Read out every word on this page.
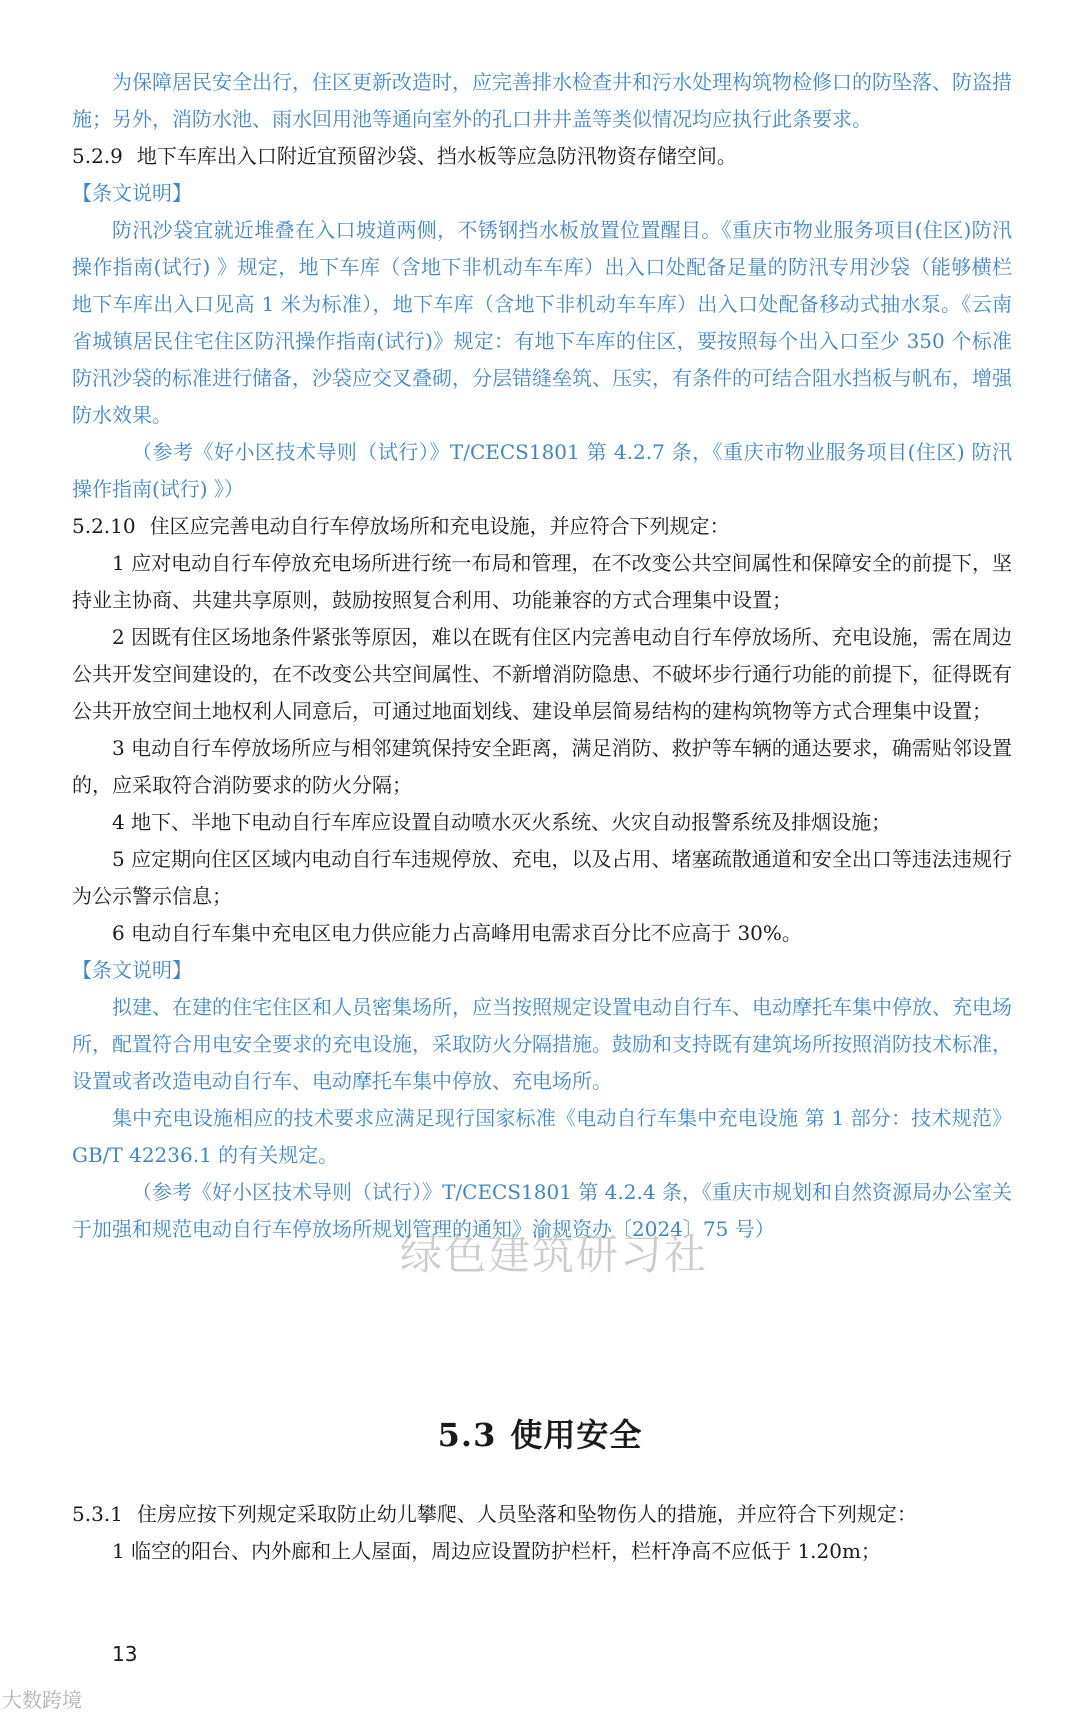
为保障居民安全出行，住区更新改造时，应完善排水检查井和污水处理构筑物检修口的防坠落、防盗措施；另外，消防水池、雨水回用池等通向室外的孔口井井盖等类似情况均应执行此条要求。

5.2.9 地下车库出入口附近宜预留沙袋、挡水板等应急防汛物资存储空间。

【条文说明】

防汛沙袋宜就近堆叠在入口坡道两侧，不锈钢挡水板放置位置醒目。《重庆市物业服务项目(住区)防汛操作指南(试行) 》规定，地下车库（含地下非机动车车库）出入口处配备足量的防汛专用沙袋（能够横栏地下车库出入口见高 1 米为标准），地下车库（含地下非机动车车库）出入口处配备移动式抽水泵。《云南省城镇居民住宅住区防汛操作指南(试行)》规定：有地下车库的住区，要按照每个出入口至少 350 个标准防汛沙袋的标准进行储备，沙袋应交叉叠砌，分层错缝垒筑、压实，有条件的可结合阻水挡板与帆布，增强防水效果。

（参考《好小区技术导则（试行）》T/CECS1801 第 4.2.7 条，《重庆市物业服务项目(住区) 防汛操作指南(试行) 》）

5.2.10 住区应完善电动自行车停放场所和充电设施，并应符合下列规定：

1 应对电动自行车停放充电场所进行统一布局和管理，在不改变公共空间属性和保障安全的前提下，坚持业主协商、共建共享原则，鼓励按照复合利用、功能兼容的方式合理集中设置；

2 因既有住区场地条件紧张等原因，难以在既有住区内完善电动自行车停放场所、充电设施，需在周边公共开发空间建设的，在不改变公共空间属性、不新增消防隐患、不破坏步行通行功能的前提下，征得既有公共开放空间土地权利人同意后，可通过地面划线、建设单层简易结构的建构筑物等方式合理集中设置；

3 电动自行车停放场所应与相邻建筑保持安全距离，满足消防、救护等车辆的通达要求，确需贴邻设置的，应采取符合消防要求的防火分隔；

4 地下、半地下电动自行车库应设置自动喷水灭火系统、火灾自动报警系统及排烟设施；

5 应定期向住区区域内电动自行车违规停放、充电，以及占用、堵塞疏散通道和安全出口等违法违规行为公示警示信息；

6 电动自行车集中充电区电力供应能力占高峰用电需求百分比不应高于 30%。

【条文说明】

拟建、在建的住宅住区和人员密集场所，应当按照规定设置电动自行车、电动摩托车集中停放、充电场所，配置符合用电安全要求的充电设施，采取防火分隔措施。鼓励和支持既有建筑场所按照消防技术标准，设置或者改造电动自行车、电动摩托车集中停放、充电场所。

集中充电设施相应的技术要求应满足现行国家标准《电动自行车集中充电设施 第 1 部分：技术规范》GB/T 42236.1 的有关规定。

（参考《好小区技术导则（试行）》T/CECS1801 第 4.2.4 条，《重庆市规划和自然资源局办公室关于加强和规范电动自行车停放场所规划管理的通知》渝规资办〔2024〕75 号）

5.3 使用安全

5.3.1 住房应按下列规定采取防止幼儿攀爬、人员坠落和坠物伤人的措施，并应符合下列规定：

1 临空的阳台、内外廊和上人屋面，周边应设置防护栏杆，栏杆净高不应低于 1.20m；

绿色建筑研习社
13
大数跨境
